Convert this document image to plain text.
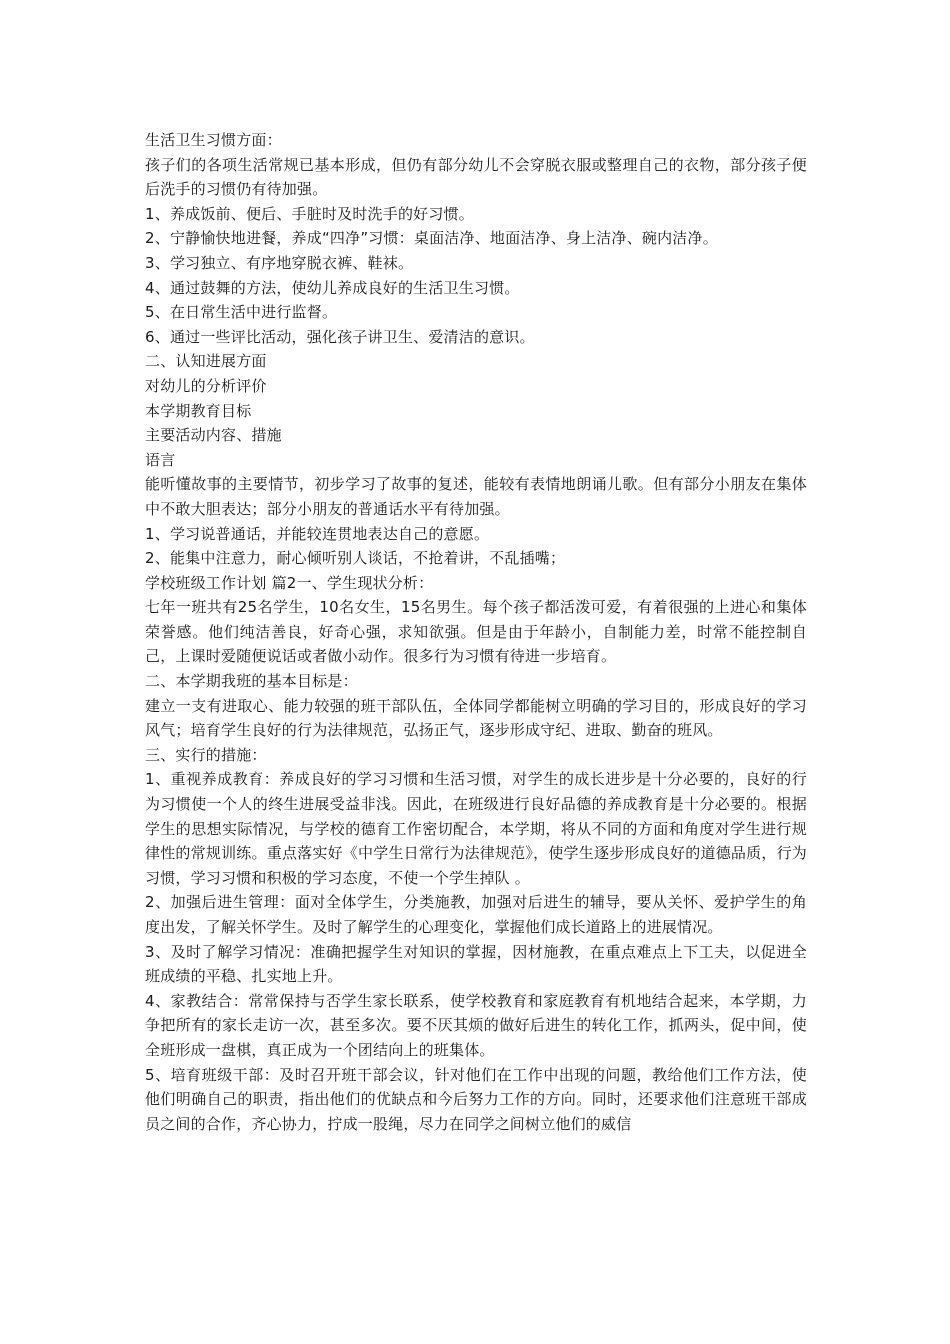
生活卫生习惯方面：

孩子们的各项生活常规已基本形成，但仍有部分幼儿不会穿脱衣服或整理自己的衣物，部分孩子便后洗手的习惯仍有待加强。

1、养成饭前、便后、手脏时及时洗手的好习惯。

2、宁静愉快地进餐，养成“四净”习惯：桌面洁净、地面洁净、身上洁净、碗内洁净。

3、学习独立、有序地穿脱衣裤、鞋袜。

4、通过鼓舞的方法，使幼儿养成良好的生活卫生习惯。

5、在日常生活中进行监督。

6、通过一些评比活动，强化孩子讲卫生、爱清洁的意识。

二、认知进展方面

对幼儿的分析评价

本学期教育目标

主要活动内容、措施

语言

能听懂故事的主要情节，初步学习了故事的复述，能较有表情地朗诵儿歌。但有部分小朋友在集体中不敢大胆表达；部分小朋友的普通话水平有待加强。

1、学习说普通话，并能较连贯地表达自己的意愿。

2、能集中注意力，耐心倾听别人谈话，不抢着讲，不乱插嘴；

学校班级工作计划 篇2一、学生现状分析：

七年一班共有25名学生，10名女生，15名男生。每个孩子都活泼可爱，有着很强的上进心和集体荣誉感。他们纯洁善良，好奇心强，求知欲强。但是由于年龄小，自制能力差，时常不能控制自己，上课时爱随便说话或者做小动作。很多行为习惯有待进一步培育。

二、本学期我班的基本目标是：

建立一支有进取心、能力较强的班干部队伍，全体同学都能树立明确的学习目的，形成良好的学习风气；培育学生良好的行为法律规范，弘扬正气，逐步形成守纪、进取、勤奋的班风。

三、实行的措施：

1、重视养成教育：养成良好的学习习惯和生活习惯，对学生的成长进步是十分必要的，良好的行为习惯使一个人的终生进展受益非浅。因此，在班级进行良好品德的养成教育是十分必要的。根据学生的思想实际情况，与学校的德育工作密切配合，本学期，将从不同的方面和角度对学生进行规律性的常规训练。重点落实好《中学生日常行为法律规范》，使学生逐步形成良好的道德品质，行为习惯，学习习惯和积极的学习态度，不使一个学生掉队 。

2、加强后进生管理：面对全体学生，分类施教，加强对后进生的辅导，要从关怀、爱护学生的角度出发，了解关怀学生。及时了解学生的心理变化，掌握他们成长道路上的进展情况。

3、及时了解学习情况：准确把握学生对知识的掌握，因材施教，在重点难点上下工夫，以促进全班成绩的平稳、扎实地上升。

4、家教结合：常常保持与否学生家长联系，使学校教育和家庭教育有机地结合起来，本学期，力争把所有的家长走访一次，甚至多次。要不厌其烦的做好后进生的转化工作，抓两头，促中间，使全班形成一盘棋，真正成为一个团结向上的班集体。

5、培育班级干部：及时召开班干部会议，针对他们在工作中出现的问题，教给他们工作方法，使他们明确自己的职责，指出他们的优缺点和今后努力工作的方向。同时，还要求他们注意班干部成员之间的合作，齐心协力，拧成一股绳，尽力在同学之间树立他们的威信
